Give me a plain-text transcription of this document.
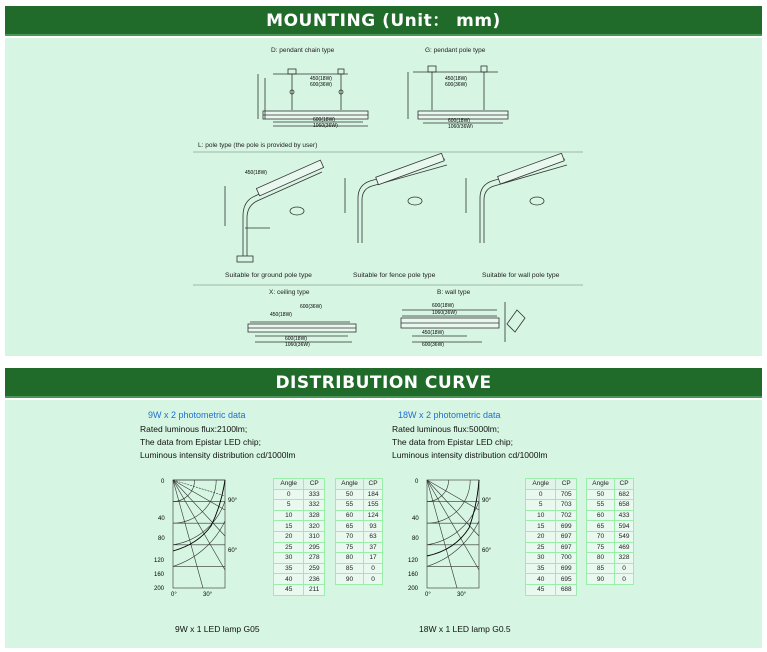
MOUNTING (Unit： mm)
D: pendant chain type	G: pendant pole type
450(18W)
600(36W)
600(18W)
1060(36W)
450(18W)
600(36W)
600(18W)
1060(36W)
L: pole type (the pole is provided by user)
450(18W)
Suitable for ground pole type	Suitable for fence pole type	Suitable for wall pole type
X: ceiling type	B: wall type
450(18W)
600(36W)
600(18W)
1060(36W)
600(18W)
1060(36W)
450(18W)
600(36W)
DISTRIBUTION CURVE
9W x 2 photometric data
Rated luminous flux:2100lm;
The data from Epistar LED chip;
Luminous intensity distribution cd/1000lm
0
40
80
120
160
200
0°	30°
90°
60°
Angle	CP
0	333
5	332
10	328
15	320
20	310
25	295
30	278
35	259
40	236
45	211
Angle	CP
50	184
55	155
60	124
65	93
70	63
75	37
80	17
85	0
90	0
9W x 1 LED lamp G05
18W x 2 photometric data
Rated luminous flux:5000lm;
The data from Epistar LED chip;
Luminous intensity distribution cd/1000lm
0
40
80
120
160
200
0°	30°
90°
60°
Angle	CP
0	705
5	703
10	702
15	699
20	697
25	697
30	700
35	699
40	695
45	688
Angle	CP
50	682
55	658
60	433
65	594
70	549
75	469
80	328
85	0
90	0
18W x 1 LED lamp G0.5
